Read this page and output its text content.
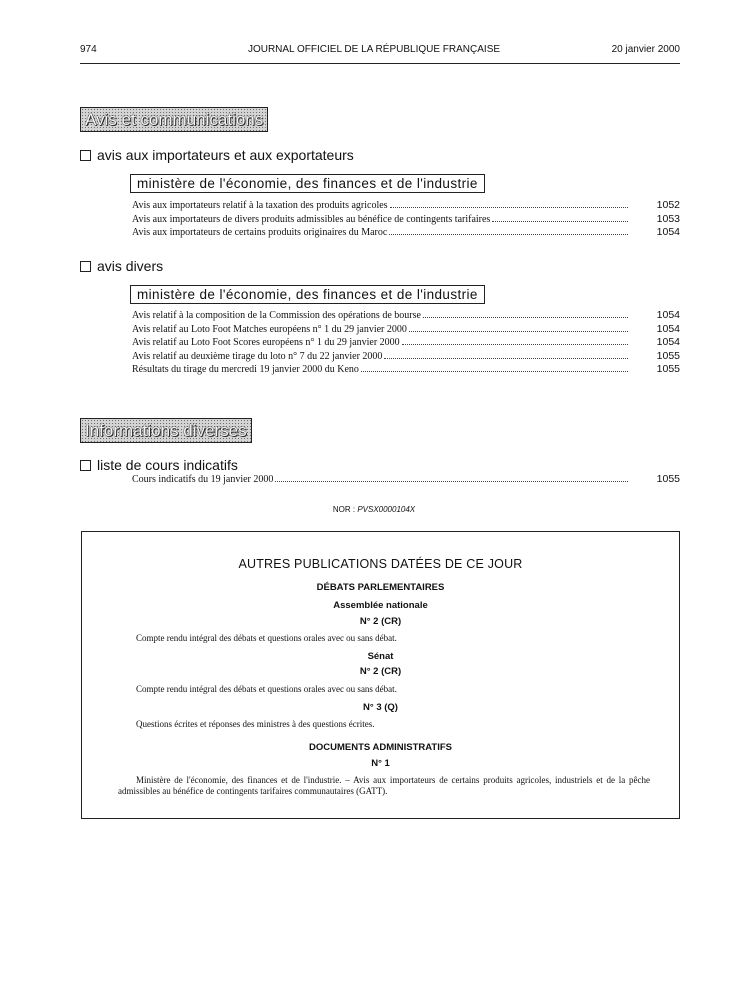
974	JOURNAL OFFICIEL DE LA RÉPUBLIQUE FRANÇAISE	20 janvier 2000
Avis et communications
avis aux importateurs et aux exportateurs
ministère de l'économie, des finances et de l'industrie
Avis aux importateurs relatif à la taxation des produits agricoles	1052
Avis aux importateurs de divers produits admissibles au bénéfice de contingents tarifaires	1053
Avis aux importateurs de certains produits originaires du Maroc	1054
avis divers
ministère de l'économie, des finances et de l'industrie
Avis relatif à la composition de la Commission des opérations de bourse	1054
Avis relatif au Loto Foot Matches européens n° 1 du 29 janvier 2000	1054
Avis relatif au Loto Foot Scores européens n° 1 du 29 janvier 2000	1054
Avis relatif au deuxième tirage du loto n° 7 du 22 janvier 2000	1055
Résultats du tirage du mercredi 19 janvier 2000 du Keno	1055
Informations diverses
liste de cours indicatifs
Cours indicatifs du 19 janvier 2000	1055
NOR : PVSX0000104X
AUTRES PUBLICATIONS DATÉES DE CE JOUR
DÉBATS PARLEMENTAIRES
Assemblée nationale
N° 2 (CR)
Compte rendu intégral des débats et questions orales avec ou sans débat.
Sénat
N° 2 (CR)
Compte rendu intégral des débats et questions orales avec ou sans débat.
N° 3 (Q)
Questions écrites et réponses des ministres à des questions écrites.
DOCUMENTS ADMINISTRATIFS
N° 1
Ministère de l'économie, des finances et de l'industrie. – Avis aux importateurs de certains produits agricoles, industriels et de la pêche admissibles au bénéfice de contingents tarifaires communautaires (GATT).
